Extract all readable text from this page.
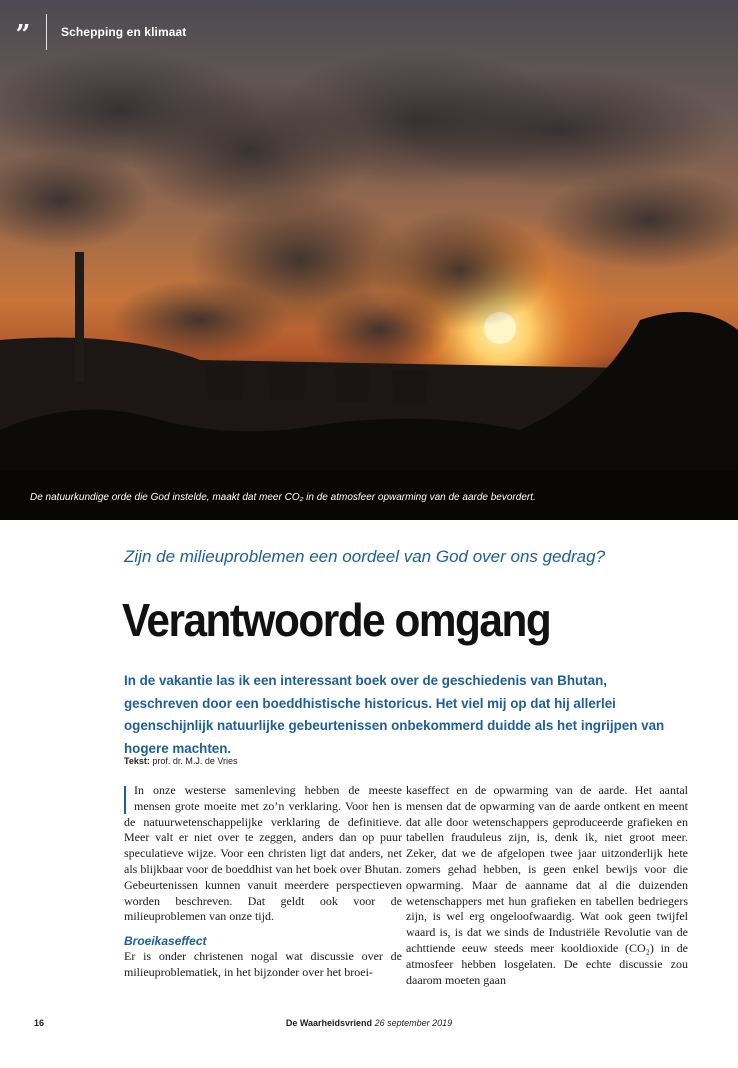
”	Schepping en klimaat
De natuurkundige orde die God instelde, maakt dat meer CO₂ in de atmosfeer opwarming van de aarde bevordert.
Zijn de milieuproblemen een oordeel van God over ons gedrag?
Verantwoorde omgang
In de vakantie las ik een interessant boek over de geschiedenis van Bhutan, geschreven door een boeddhistische historicus. Het viel mij op dat hij allerlei ogenschijnlijk natuurlijke gebeurtenissen onbekommerd duidde als het ingrijpen van hogere machten.
Tekst: prof. dr. M.J. de Vries

In onze westerse samenleving hebben de meeste mensen grote moeite met zo’n verklaring. Voor hen is de natuurwetenschappelijke verklaring de definitieve. Meer valt er niet over te zeggen, anders dan op puur speculatieve wijze. Voor een christen ligt dat anders, net als blijkbaar voor de boeddhist van het boek over Bhutan. Gebeurtenissen kunnen vanuit meerdere perspectieven worden beschreven. Dat geldt ook voor de milieuproblemen van onze tijd.

Broeikaseffect

Er is onder christenen nogal wat discussie over de milieuproblematiek, in het bijzonder over het broei-

kaseffect en de opwarming van de aarde. Het aantal mensen dat de opwarming van de aarde ontkent en meent dat alle door wetenschappers geproduceerde grafieken en tabellen frauduleus zijn, is, denk ik, niet groot meer. Zeker, dat we de afgelopen twee jaar uitzonderlijk hete zomers gehad hebben, is geen enkel bewijs voor die opwarming. Maar de aanname dat al die duizenden wetenschappers met hun grafieken en tabellen bedriegers zijn, is wel erg ongeloofwaardig. Wat ook geen twijfel waard is, is dat we sinds de Industriële Revolutie van de achttiende eeuw steeds meer kooldioxide (CO₂) in de atmosfeer hebben losgelaten. De echte discussie zou daarom moeten gaan

16	De Waarheidsvriend 26 september 2019
